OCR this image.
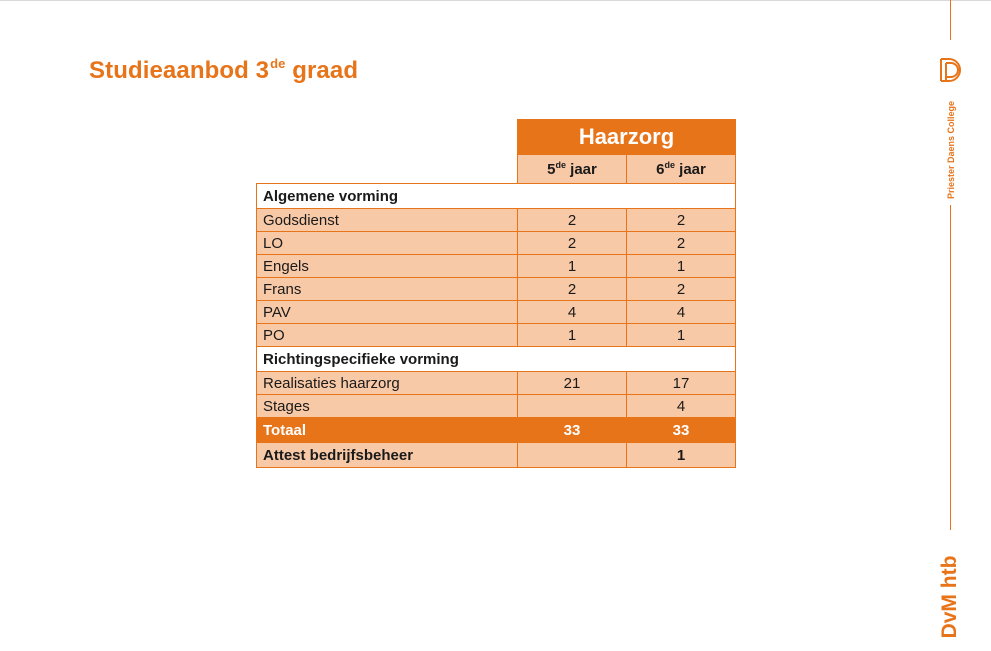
Studieaanbod 3de graad
Priester Daens College
DvM htb
	Haarzorg	
	5de jaar	6de jaar
Algemene vorming		
Godsdienst	2	2
LO	2	2
Engels	1	1
Frans	2	2
PAV	4	4
PO	1	1
Richtingspecifieke vorming		
Realisaties haarzorg	21	17
Stages		4
Totaal	33	33
Attest bedrijfsbeheer		1
